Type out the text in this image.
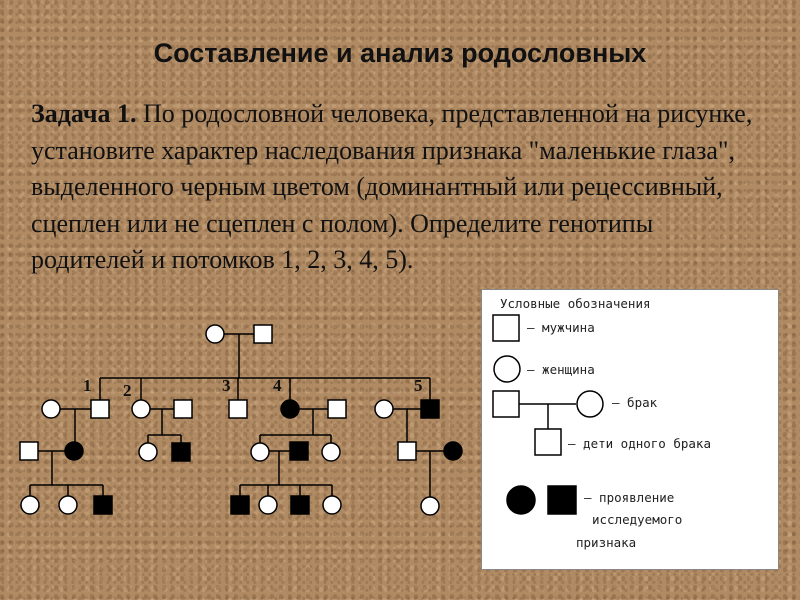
Составление и анализ родословных
Задача 1. По родословной человека, представленной на рисунке, установите характер наследования признака "маленькие глаза", выделенного черным цветом (доминантный или рецессивный, сцеплен или не сцеплен с полом). Определите генотипы родителей и потомков 1, 2, 3, 4, 5).
1 2	3	4	5
Условные обозначения
– мужчина
– женщина
– брак
– дети одного брака
– проявление
исследуемого
признака
